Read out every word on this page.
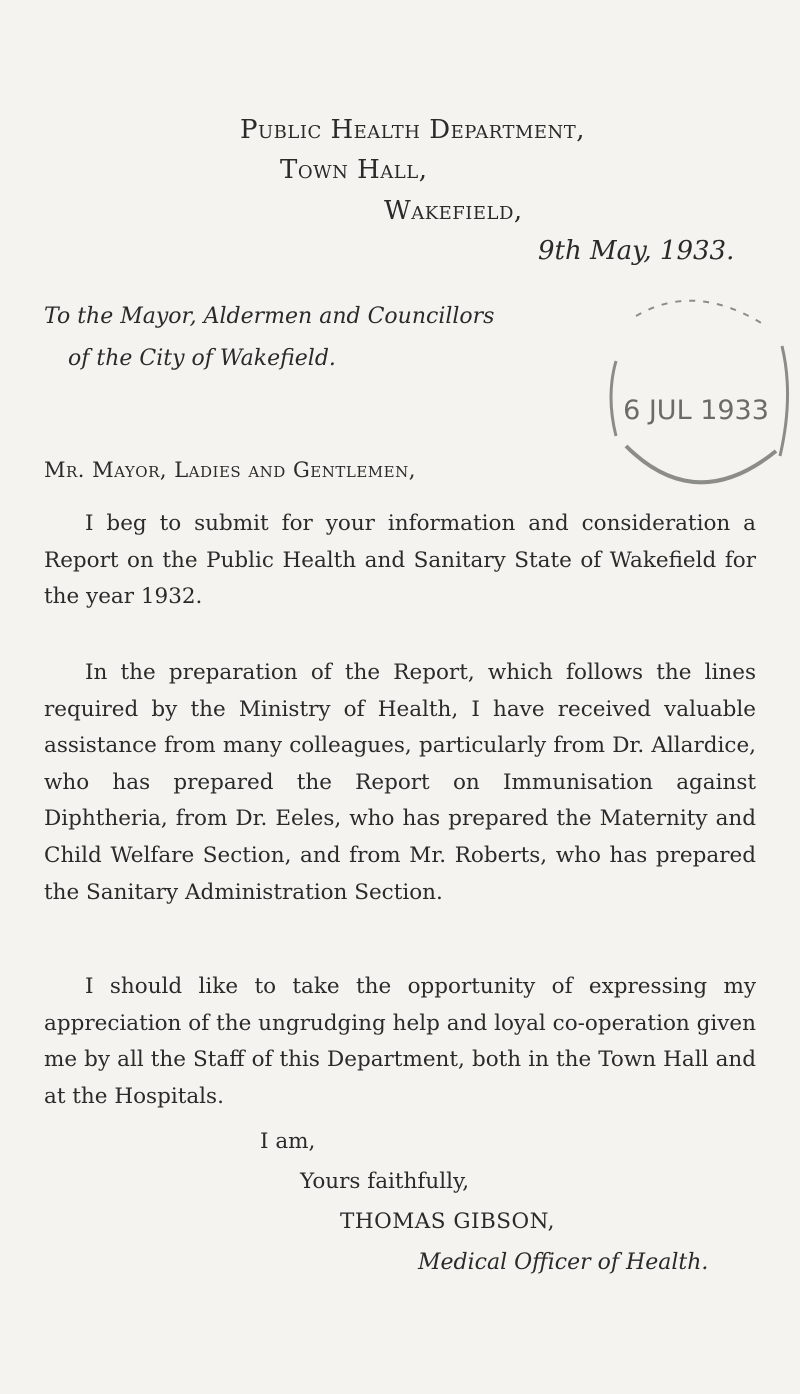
Public Health Department,
Town Hall,
Wakefield,
9th May, 1933.
To the Mayor, Aldermen and Councillors
of the City of Wakefield.
6 JUL 1933
Mr. Mayor, Ladies and Gentlemen,
I beg to submit for your information and consideration a Report on the Public Health and Sanitary State of Wakefield for the year 1932.
In the preparation of the Report, which follows the lines required by the Ministry of Health, I have received valuable assistance from many colleagues, particularly from Dr. Allardice, who has prepared the Report on Immunisation against Diphtheria, from Dr. Eeles, who has prepared the Maternity and Child Welfare Section, and from Mr. Roberts, who has prepared the Sanitary Administration Section.
I should like to take the opportunity of expressing my appreciation of the ungrudging help and loyal co-operation given me by all the Staff of this Department, both in the Town Hall and at the Hospitals.
I am,
Yours faithfully,
THOMAS GIBSON,
Medical Officer of Health.
